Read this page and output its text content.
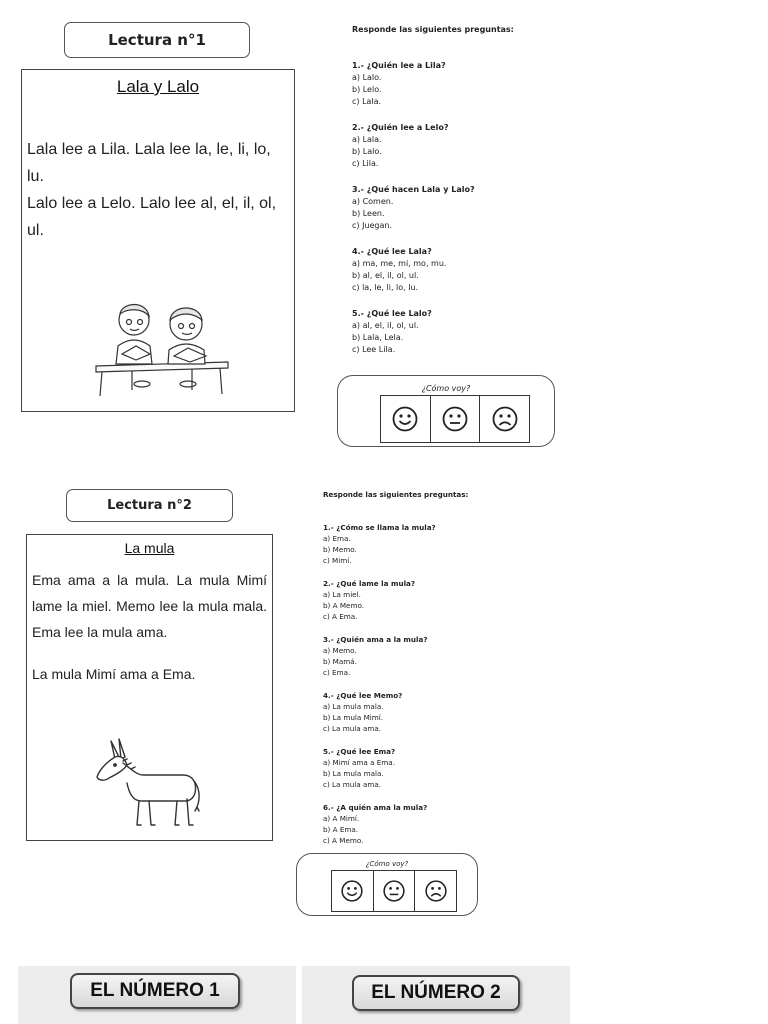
Lectura n°1
Lala y Lalo

Lala lee a Lila. Lala lee la, le, li, lo, lu.

Lalo lee a Lelo. Lalo lee al, el, il, ol, ul.

Responde las siguientes preguntas:
1.- ¿Quién lee a Lila?
a) Lalo.
b) Lelo.
c) Lala.
2.- ¿Quién lee a Lelo?
a) Lala.
b) Lalo.
c) Lila.
3.- ¿Qué hacen Lala y Lalo?
a) Comen.
b) Leen.
c) Juegan.
4.- ¿Qué lee Lala?
a) ma, me, mi, mo, mu.
b) al, el, il, ol, ul.
c) la, le, li, lo, lu.
5.- ¿Qué lee Lalo?
a) al, el, il, ol, ul.
b) Lala, Lela.
c) Lee Lila.
¿Cómo voy?
Lectura n°2
La mula

Ema ama a la mula. La mula Mimí lame la miel. Memo lee la mula mala. Ema lee la mula ama.

La mula Mimí ama a Ema.

Responde las siguientes preguntas:
1.- ¿Cómo se llama la mula?
a) Ema.
b) Memo.
c) Mimí.
2.- ¿Qué lame la mula?
a) La miel.
b) A Memo.
c) A Ema.
3.- ¿Quién ama a la mula?
a) Memo.
b) Mamá.
c) Ema.
4.- ¿Qué lee Memo?
a) La mula mala.
b) La mula Mimí.
c) La mula ama.
5.- ¿Qué lee Ema?
a) Mimí ama a Ema.
b) La mula mala.
c) La mula ama.
6.- ¿A quién ama la mula?
a) A Mimí.
b) A Ema.
c) A Memo.
¿Cómo voy?
EL NÚMERO 1	EL NÚMERO 2
